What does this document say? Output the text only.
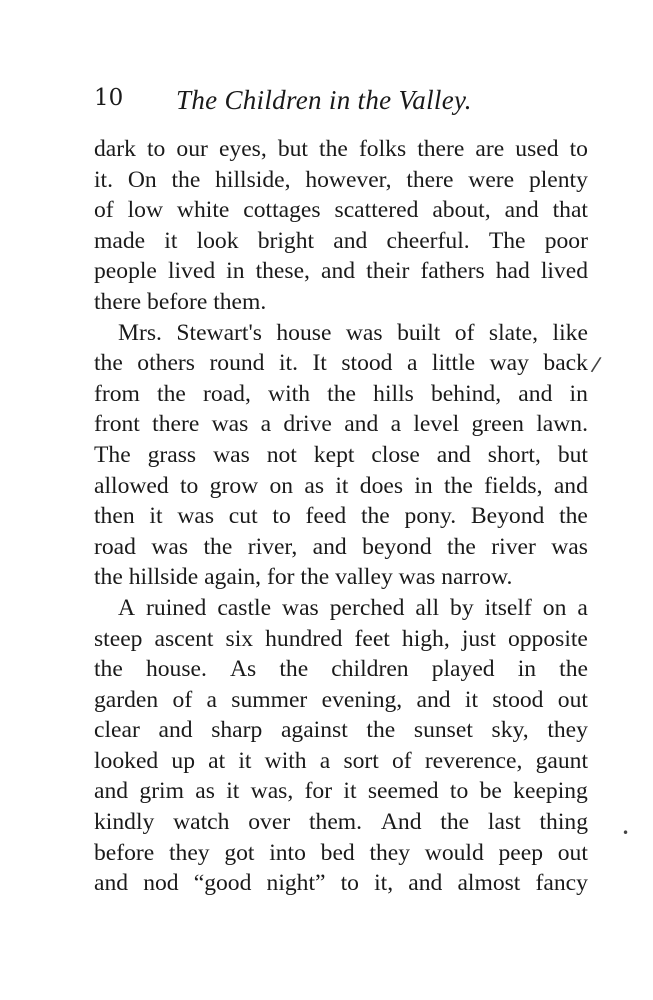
10 The Children in the Valley.
dark to our eyes, but the folks there are used to
it. On the hillside, however, there were plenty
of low white cottages scattered about, and that
made it look bright and cheerful. The poor
people lived in these, and their fathers had lived
there before them.
Mrs. Stewart's house was built of slate, like
the others round it. It stood a little way back
from the road, with the hills behind, and in
front there was a drive and a level green lawn.
The grass was not kept close and short, but
allowed to grow on as it does in the fields, and
then it was cut to feed the pony. Beyond the
road was the river, and beyond the river was
the hillside again, for the valley was narrow.
A ruined castle was perched all by itself on a
steep ascent six hundred feet high, just opposite
the house. As the children played in the
garden of a summer evening, and it stood out
clear and sharp against the sunset sky, they
looked up at it with a sort of reverence, gaunt
and grim as it was, for it seemed to be keeping
kindly watch over them. And the last thing
before they got into bed they would peep out
and nod “good night” to it, and almost fancy
/
•
